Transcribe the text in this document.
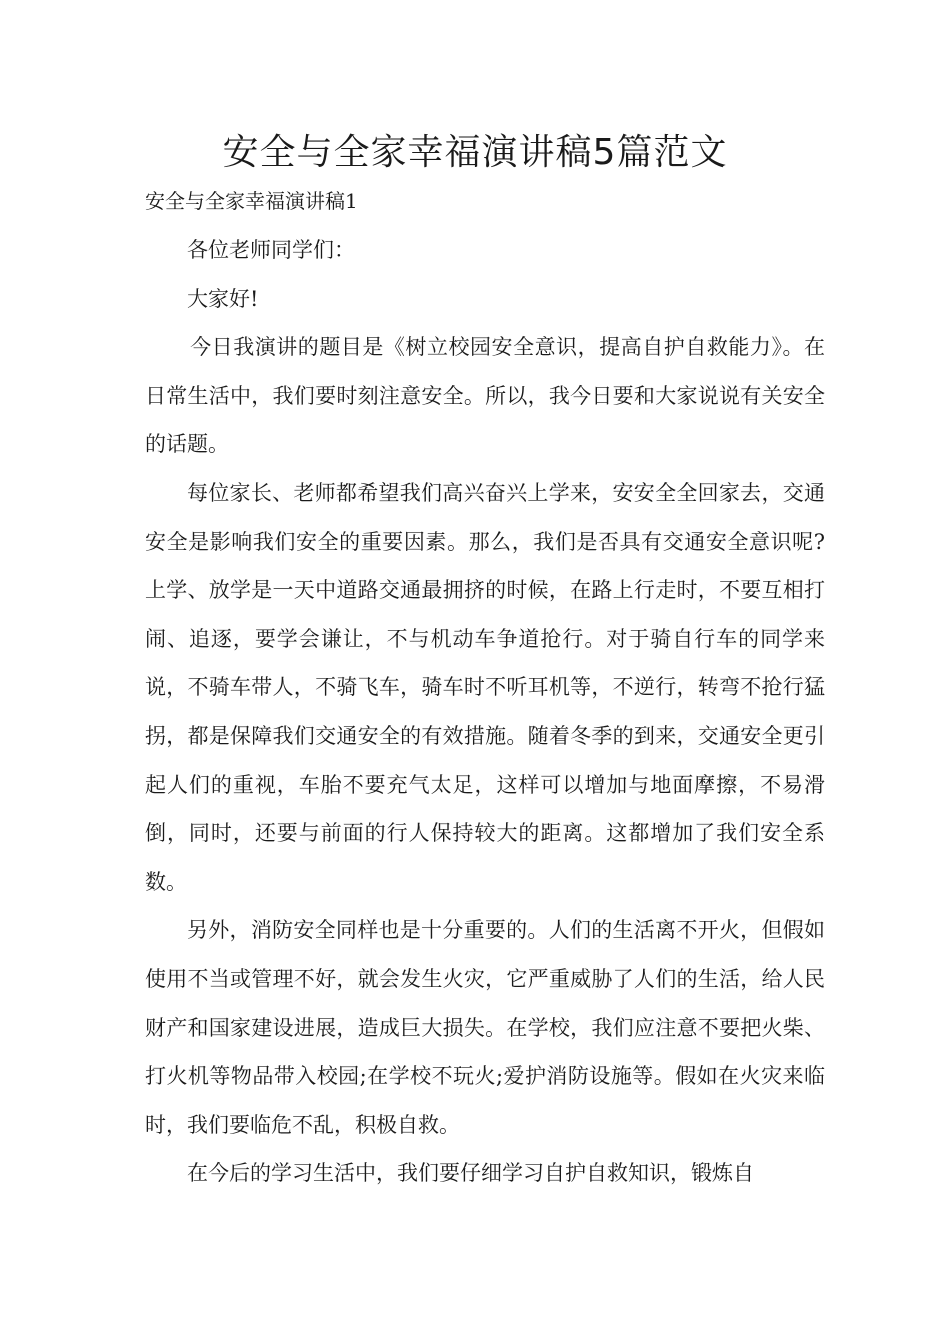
安全与全家幸福演讲稿5篇范文
安全与全家幸福演讲稿1

各位老师同学们：

大家好!

今日我演讲的题目是《树立校园安全意识，提高自护自救能力》。在日常生活中，我们要时刻注意安全。所以，我今日要和大家说说有关安全的话题。

每位家长、老师都希望我们高兴奋兴上学来，安安全全回家去，交通安全是影响我们安全的重要因素。那么，我们是否具有交通安全意识呢?上学、放学是一天中道路交通最拥挤的时候，在路上行走时，不要互相打闹、追逐，要学会谦让，不与机动车争道抢行。对于骑自行车的同学来说，不骑车带人，不骑飞车，骑车时不听耳机等，不逆行，转弯不抢行猛拐，都是保障我们交通安全的有效措施。随着冬季的到来，交通安全更引起人们的重视，车胎不要充气太足，这样可以增加与地面摩擦，不易滑倒，同时，还要与前面的行人保持较大的距离。这都增加了我们安全系数。

另外，消防安全同样也是十分重要的。人们的生活离不开火，但假如使用不当或管理不好，就会发生火灾，它严重威胁了人们的生活，给人民财产和国家建设进展，造成巨大损失。在学校，我们应注意不要把火柴、打火机等物品带入校园;在学校不玩火;爱护消防设施等。假如在火灾来临时，我们要临危不乱，积极自救。

在今后的学习生活中，我们要仔细学习自护自救知识，锻炼自
